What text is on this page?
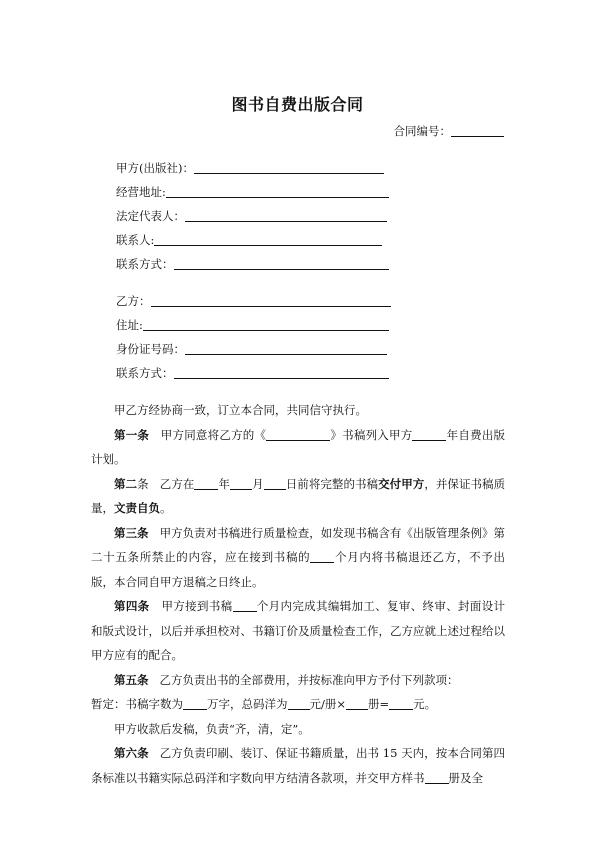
图书自费出版合同
合同编号：
甲方(出版社)：
经营地址:
法定代表人：
联系人:
联系方式：
乙方：
住址:
身份证号码：
联系方式：

甲乙方经协商一致，订立本合同，共同信守执行。

第一条 甲方同意将乙方的《	》书稿列入甲方	年自费出版计划。

第二条 乙方在 年 月 日前将完整的书稿交付甲方，并保证书稿质量，文责自负。

第三条 甲方负责对书稿进行质量检查，如发现书稿含有《出版管理条例》第二十五条所禁止的内容，应在接到书稿的 个月内将书稿退还乙方，不予出版，本合同自甲方退稿之日终止。

第四条 甲方接到书稿 个月内完成其编辑加工、复审、终审、封面设计和版式设计，以后并承担校对、书籍订价及质量检查工作，乙方应就上述过程给以甲方应有的配合。

第五条 乙方负责出书的全部费用，并按标准向甲方予付下列款项：

暂定：书稿字数为 万字，总码洋为 元/册× 册= 元。

甲方收款后发稿，负责“齐，清，定”。

第六条 乙方负责印刷、装订、保证书籍质量，出书 15 天内，按本合同第四条标准以书籍实际总码洋和字数向甲方结清各款项，并交甲方样书 册及全
